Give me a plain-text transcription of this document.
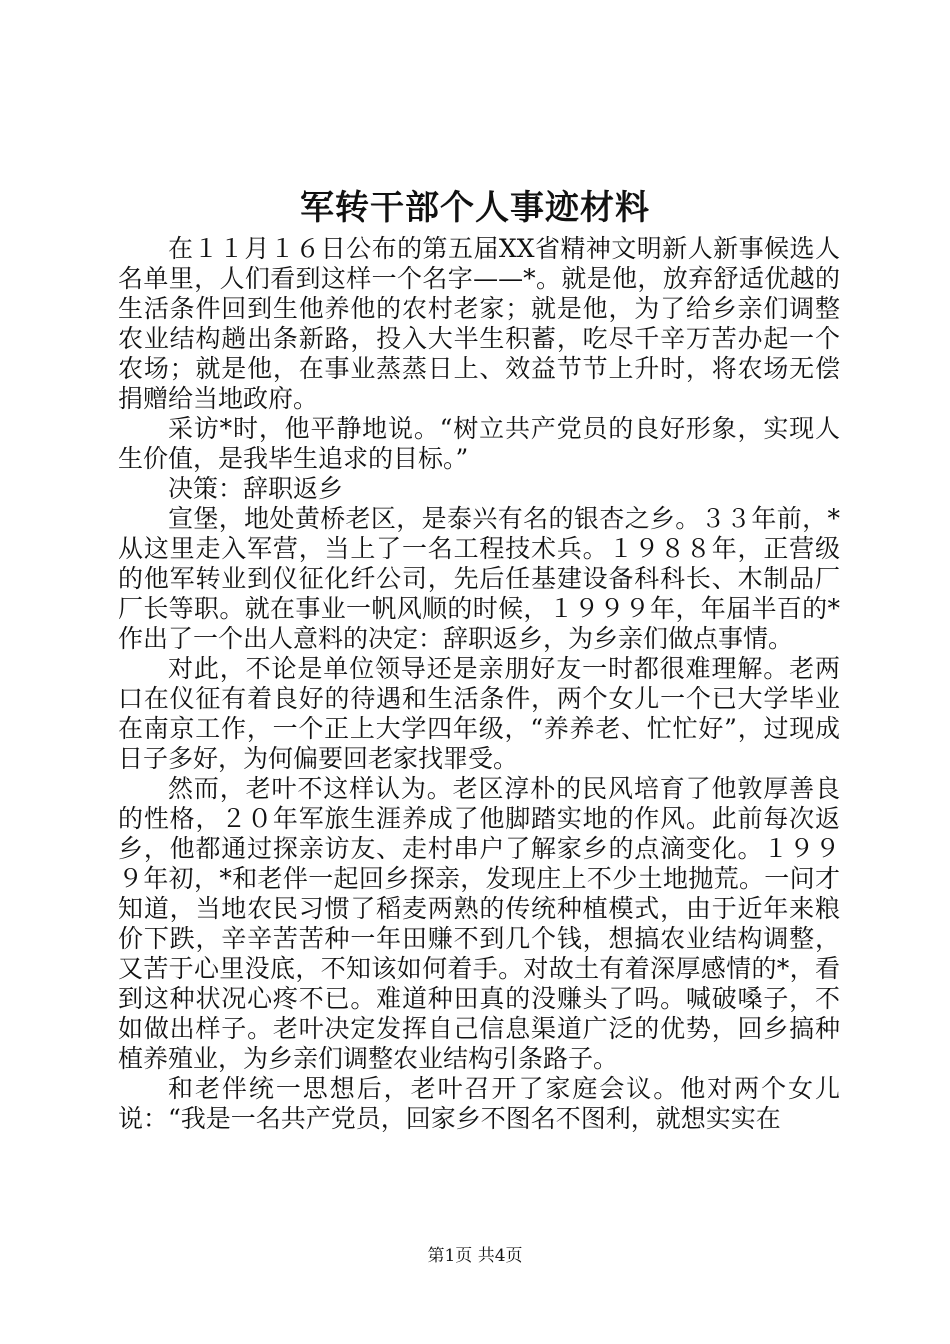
军转干部个人事迹材料

在１１月１６日公布的第五届XX省精神文明新人新事候选人名单里，人们看到这样一个名字——*。就是他，放弃舒适优越的生活条件回到生他养他的农村老家；就是他，为了给乡亲们调整农业结构趟出条新路，投入大半生积蓄，吃尽千辛万苦办起一个农场；就是他，在事业蒸蒸日上、效益节节上升时，将农场无偿捐赠给当地政府。

采访*时，他平静地说。“树立共产党员的良好形象，实现人生价值，是我毕生追求的目标。”

决策：辞职返乡

宣堡，地处黄桥老区，是泰兴有名的银杏之乡。３３年前，*从这里走入军营，当上了一名工程技术兵。１９８８年，正营级的他军转业到仪征化纤公司，先后任基建设备科科长、木制品厂厂长等职。就在事业一帆风顺的时候，１９９９年，年届半百的*作出了一个出人意料的决定：辞职返乡，为乡亲们做点事情。

对此，不论是单位领导还是亲朋好友一时都很难理解。老两口在仪征有着良好的待遇和生活条件，两个女儿一个已大学毕业在南京工作，一个正上大学四年级，“养养老、忙忙好”，过现成日子多好，为何偏要回老家找罪受。

然而，老叶不这样认为。老区淳朴的民风培育了他敦厚善良的性格，２０年军旅生涯养成了他脚踏实地的作风。此前每次返乡，他都通过探亲访友、走村串户了解家乡的点滴变化。１９９９年初，*和老伴一起回乡探亲，发现庄上不少土地抛荒。一问才知道，当地农民习惯了稻麦两熟的传统种植模式，由于近年来粮价下跌，辛辛苦苦种一年田赚不到几个钱，想搞农业结构调整，又苦于心里没底，不知该如何着手。对故土有着深厚感情的*，看到这种状况心疼不已。难道种田真的没赚头了吗。喊破嗓子，不如做出样子。老叶决定发挥自己信息渠道广泛的优势，回乡搞种植养殖业，为乡亲们调整农业结构引条路子。

和老伴统一思想后，老叶召开了家庭会议。他对两个女儿说：“我是一名共产党员，回家乡不图名不图利，就想实实在

第1页 共4页
